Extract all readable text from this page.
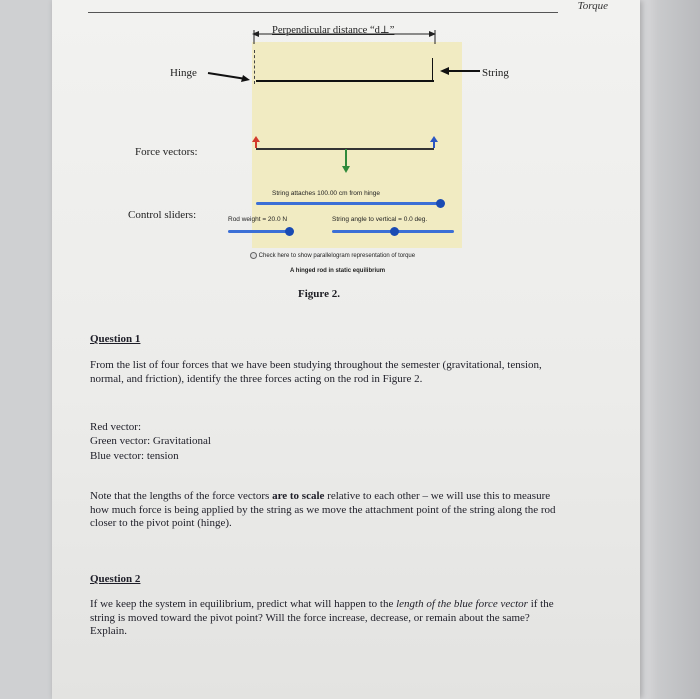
Torque
Perpendicular distance “d⊥”
Hinge	String
Force vectors:
String attaches 100.00 cm from hinge
Control sliders:	Rod weight = 20.0 N	String angle to vertical = 0.0 deg.
Check here to show parallelogram representation of torque
A hinged rod in static equilibrium
Figure 2.
Question 1
From the list of four forces that we have been studying throughout the semester (gravitational, tension, normal, and friction), identify the three forces acting on the rod in Figure 2.
Red vector:
Green vector: Gravitational
Blue vector: tension
Note that the lengths of the force vectors are to scale relative to each other – we will use this to measure how much force is being applied by the string as we move the attachment point of the string along the rod closer to the pivot point (hinge).
Question 2
If we keep the system in equilibrium, predict what will happen to the length of the blue force vector if the string is moved toward the pivot point? Will the force increase, decrease, or remain about the same? Explain.
